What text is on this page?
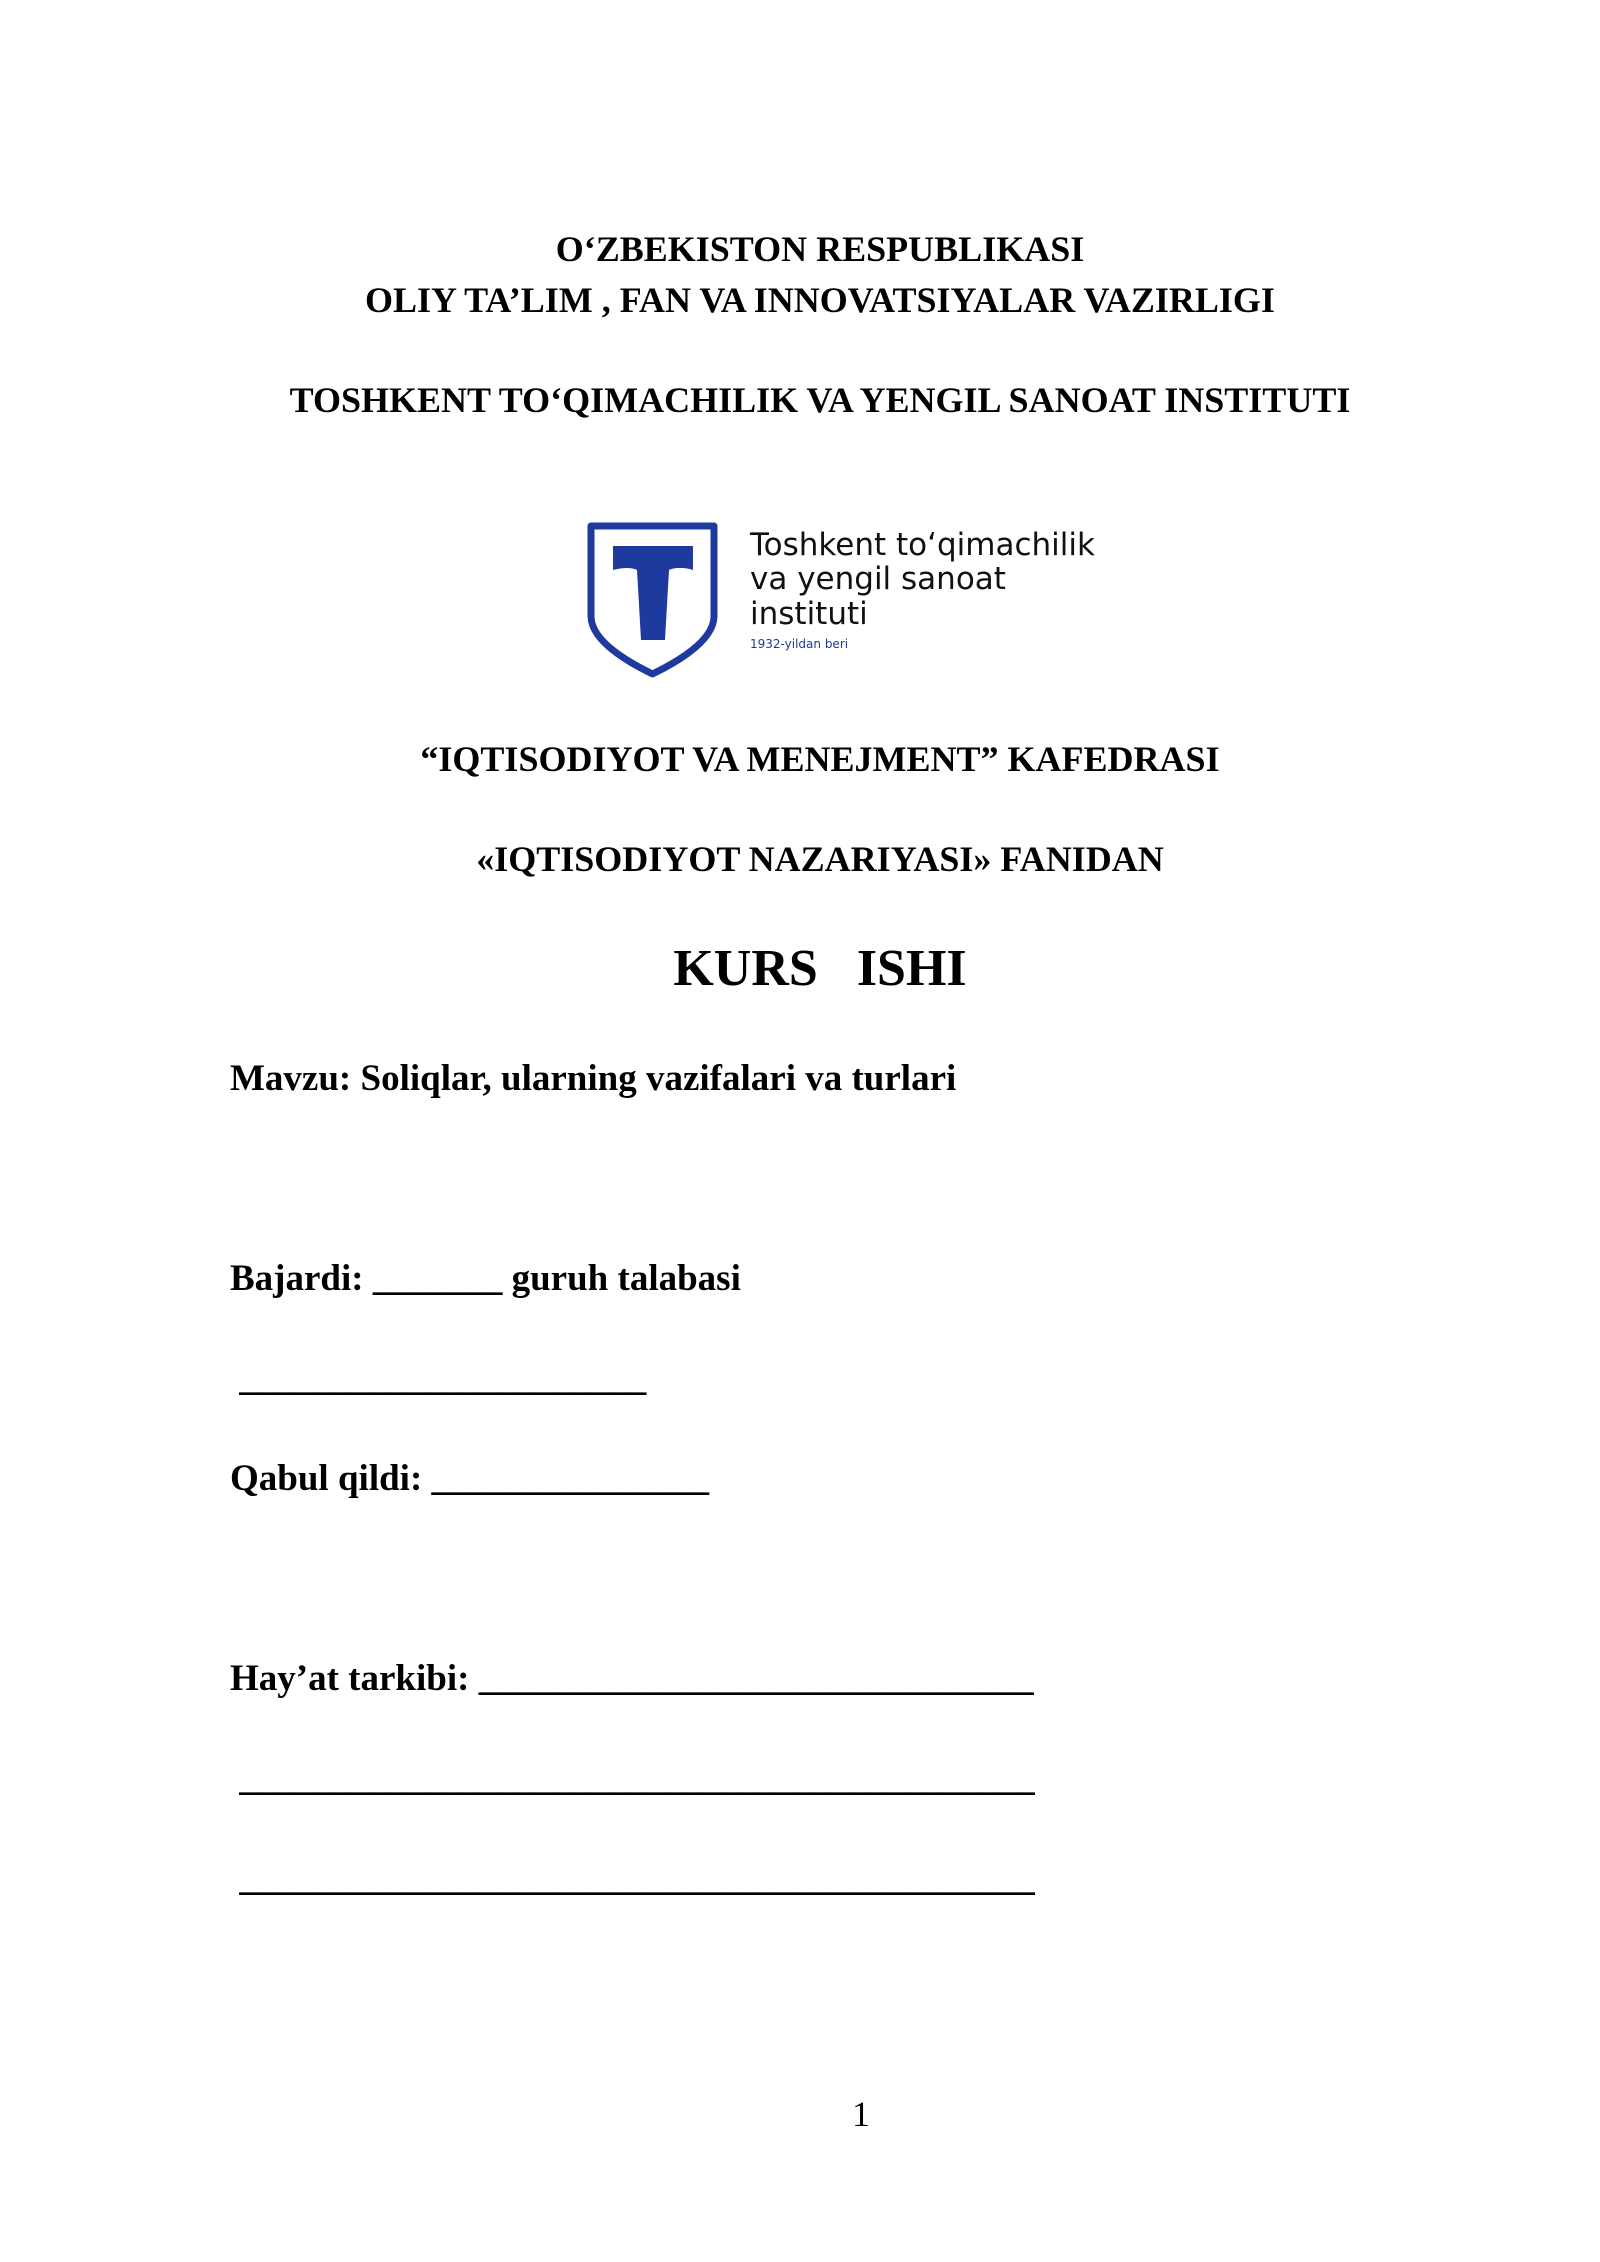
O‘ZBEKISTON RESPUBLIKASI
OLIY TA’LIM , FAN VA INNOVATSIYALAR VAZIRLIGI
TOSHKENT TO‘QIMACHILIK VA YENGIL SANOAT INSTITUTI
Toshkent to‘qimachilik
va yengil sanoat
instituti
1932-yildan beri
“IQTISODIYOT VA MENEJMENT” KAFEDRASI
«IQTISODIYOT NAZARIYASI» FANIDAN
KURS   ISHI
Mavzu: Soliqlar, ularning vazifalari va turlari
Bajardi: _______ guruh talabasi
______________________
Qabul qildi: _______________
Hay’at tarkibi: ______________________________
___________________________________________
___________________________________________
1
